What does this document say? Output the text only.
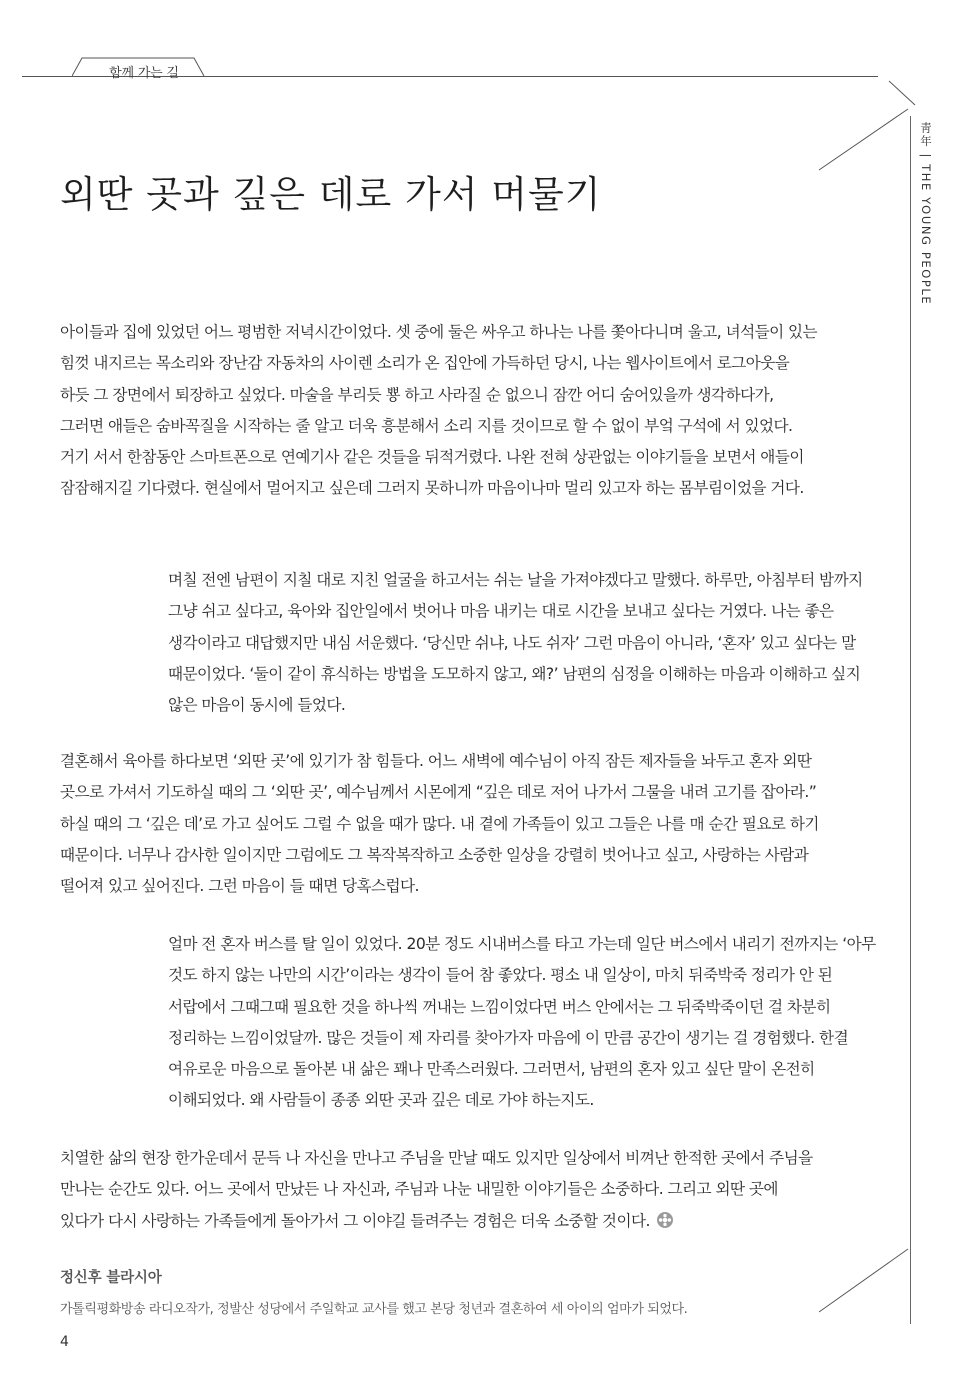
함께 가는 길
靑年 | THE YOUNG PEOPLE
외딴 곳과 깊은 데로 가서 머물기

아이들과 집에 있었던 어느 평범한 저녁시간이었다. 셋 중에 둘은 싸우고 하나는 나를 쫓아다니며 울고, 녀석들이 있는 힘껏 내지르는 목소리와 장난감 자동차의 사이렌 소리가 온 집안에 가득하던 당시, 나는 웹사이트에서 로그아웃을 하듯 그 장면에서 퇴장하고 싶었다. 마술을 부리듯 뿅 하고 사라질 순 없으니 잠깐 어디 숨어있을까 생각하다가, 그러면 애들은 숨바꼭질을 시작하는 줄 알고 더욱 흥분해서 소리 지를 것이므로 할 수 없이 부엌 구석에 서 있었다. 거기 서서 한참동안 스마트폰으로 연예기사 같은 것들을 뒤적거렸다. 나완 전혀 상관없는 이야기들을 보면서 애들이 잠잠해지길 기다렸다. 현실에서 멀어지고 싶은데 그러지 못하니까 마음이나마 멀리 있고자 하는 몸부림이었을 거다.

며칠 전엔 남편이 지칠 대로 지친 얼굴을 하고서는 쉬는 날을 가져야겠다고 말했다. 하루만, 아침부터 밤까지 그냥 쉬고 싶다고, 육아와 집안일에서 벗어나 마음 내키는 대로 시간을 보내고 싶다는 거였다. 나는 좋은 생각이라고 대답했지만 내심 서운했다. ‘당신만 쉬냐, 나도 쉬자’ 그런 마음이 아니라, ‘혼자’ 있고 싶다는 말 때문이었다. ‘둘이 같이 휴식하는 방법을 도모하지 않고, 왜?’ 남편의 심정을 이해하는 마음과 이해하고 싶지 않은 마음이 동시에 들었다.

결혼해서 육아를 하다보면 ‘외딴 곳’에 있기가 참 힘들다. 어느 새벽에 예수님이 아직 잠든 제자들을 놔두고 혼자 외딴 곳으로 가셔서 기도하실 때의 그 ‘외딴 곳’, 예수님께서 시몬에게 “깊은 데로 저어 나가서 그물을 내려 고기를 잡아라.” 하실 때의 그 ‘깊은 데’로 가고 싶어도 그럴 수 없을 때가 많다. 내 곁에 가족들이 있고 그들은 나를 매 순간 필요로 하기 때문이다. 너무나 감사한 일이지만 그럼에도 그 복작복작하고 소중한 일상을 강렬히 벗어나고 싶고, 사랑하는 사람과 떨어져 있고 싶어진다. 그런 마음이 들 때면 당혹스럽다.

얼마 전 혼자 버스를 탈 일이 있었다. 20분 정도 시내버스를 타고 가는데 일단 버스에서 내리기 전까지는 ‘아무 것도 하지 않는 나만의 시간’이라는 생각이 들어 참 좋았다. 평소 내 일상이, 마치 뒤죽박죽 정리가 안 된 서랍에서 그때그때 필요한 것을 하나씩 꺼내는 느낌이었다면 버스 안에서는 그 뒤죽박죽이던 걸 차분히 정리하는 느낌이었달까. 많은 것들이 제 자리를 찾아가자 마음에 이 만큼 공간이 생기는 걸 경험했다. 한결 여유로운 마음으로 돌아본 내 삶은 꽤나 만족스러웠다. 그러면서, 남편의 혼자 있고 싶단 말이 온전히 이해되었다. 왜 사람들이 종종 외딴 곳과 깊은 데로 가야 하는지도.

치열한 삶의 현장 한가운데서 문득 나 자신을 만나고 주님을 만날 때도 있지만 일상에서 비껴난 한적한 곳에서 주님을 만나는 순간도 있다. 어느 곳에서 만났든 나 자신과, 주님과 나눈 내밀한 이야기들은 소중하다. 그리고 외딴 곳에 있다가 다시 사랑하는 가족들에게 돌아가서 그 이야길 들려주는 경험은 더욱 소중할 것이다.

정신후 블라시아
가톨릭평화방송 라디오작가, 정발산 성당에서 주일학교 교사를 했고 본당 청년과 결혼하여 세 아이의 엄마가 되었다.
4
